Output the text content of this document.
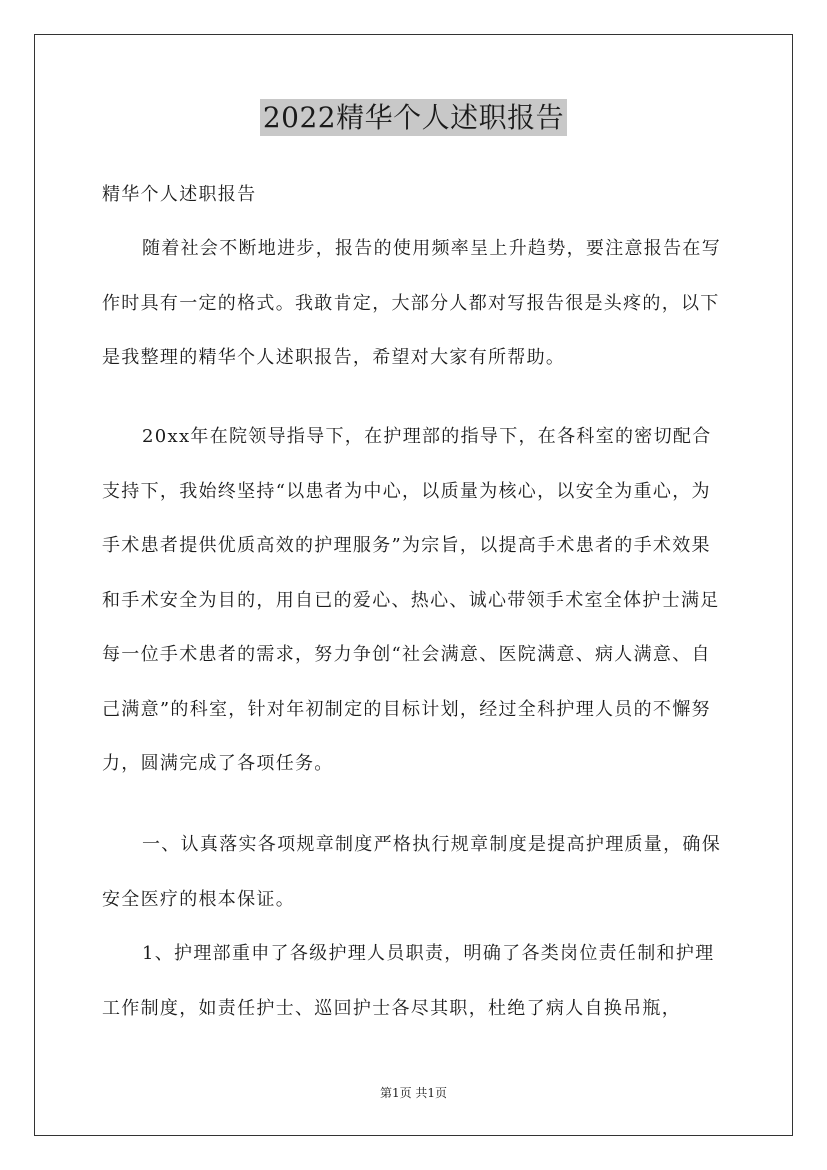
2022精华个人述职报告

精华个人述职报告

随着社会不断地进步，报告的使用频率呈上升趋势，要注意报告在写作时具有一定的格式。我敢肯定，大部分人都对写报告很是头疼的，以下是我整理的精华个人述职报告，希望对大家有所帮助。

20xx年在院领导指导下，在护理部的指导下，在各科室的密切配合支持下，我始终坚持“以患者为中心，以质量为核心，以安全为重心，为手术患者提供优质高效的护理服务”为宗旨，以提高手术患者的手术效果和手术安全为目的，用自已的爱心、热心、诚心带领手术室全体护士满足每一位手术患者的需求，努力争创“社会满意、医院满意、病人满意、自己满意”的科室，针对年初制定的目标计划，经过全科护理人员的不懈努力，圆满完成了各项任务。

一、认真落实各项规章制度严格执行规章制度是提高护理质量，确保安全医疗的根本保证。

1、护理部重申了各级护理人员职责，明确了各类岗位责任制和护理工作制度，如责任护士、巡回护士各尽其职，杜绝了病人自换吊瓶，

第1页 共1页
